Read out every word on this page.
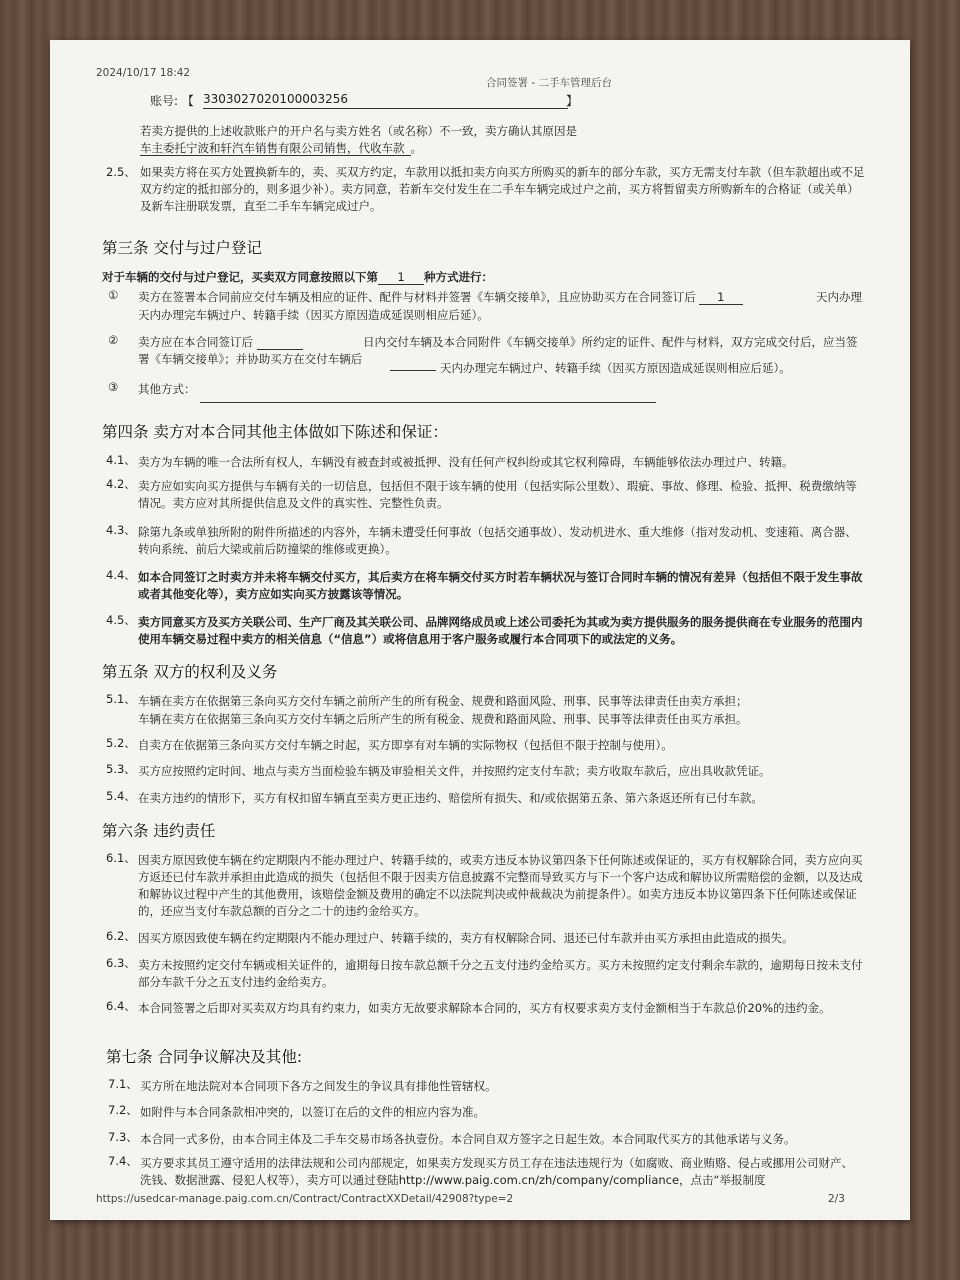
2024/10/17 18:42
合同签署 - 二手车管理后台
账号: 【 3303027020100003256	】
若卖方提供的上述收款账户的开户名与卖方姓名（或名称）不一致，卖方确认其原因是
车主委托宁波和轩汽车销售有限公司销售，代收车款 。
2.5、 如果卖方将在买方处置换新车的，卖、买双方约定，车款用以抵扣卖方向买方所购买的新车的部分车款，买方无需支付车款（但车款超出或不足双方约定的抵扣部分的，则多退少补）。卖方同意，若新车交付发生在二手车车辆完成过户之前，买方将暂留卖方所购新车的合格证（或关单）及新车注册联发票，直至二手车车辆完成过户。
第三条 交付与过户登记
对于车辆的交付与过户登记，买卖双方同意按照以下第 1 种方式进行：
① 卖方在签署本合同前应交付车辆及相应的证件、配件与材料并签署《车辆交接单》，且应协助买方在合同签订后 1	天内办理
天内办理完车辆过户、转籍手续（因买方原因造成延误则相应后延）。
② 卖方应在本合同签订后	日内交付车辆及本合同附件《车辆交接单》所约定的证件、配件与材料，双方完成交付后，应当签署《车辆交接单》；并协助买方在交付车辆后
天内办理完车辆过户、转籍手续（因买方原因造成延误则相应后延）。
③ 其他方式：
第四条 卖方对本合同其他主体做如下陈述和保证：
4.1、 卖方为车辆的唯一合法所有权人，车辆没有被查封或被抵押、没有任何产权纠纷或其它权利障碍，车辆能够依法办理过户、转籍。
4.2、 卖方应如实向买方提供与车辆有关的一切信息，包括但不限于该车辆的使用（包括实际公里数）、瑕疵、事故、修理、检验、抵押、税费缴纳等情况。卖方应对其所提供信息及文件的真实性、完整性负责。
4.3、 除第九条或单独所附的附件所描述的内容外，车辆未遭受任何事故（包括交通事故）、发动机进水、重大维修（指对发动机、变速箱、离合器、转向系统、前后大梁或前后防撞梁的维修或更换）。
4.4、 如本合同签订之时卖方并未将车辆交付买方，其后卖方在将车辆交付买方时若车辆状况与签订合同时车辆的情况有差异（包括但不限于发生事故或者其他变化等），卖方应如实向买方披露该等情况。
4.5、 卖方同意买方及买方关联公司、生产厂商及其关联公司、品牌网络成员或上述公司委托为其或为卖方提供服务的服务提供商在专业服务的范围内使用车辆交易过程中卖方的相关信息（“信息”）或将信息用于客户服务或履行本合同项下的或法定的义务。
第五条 双方的权利及义务
5.1、 车辆在卖方在依据第三条向买方交付车辆之前所产生的所有税金、规费和路面风险、刑事、民事等法律责任由卖方承担；
车辆在卖方在依据第三条向买方交付车辆之后所产生的所有税金、规费和路面风险、刑事、民事等法律责任由买方承担。
5.2、 自卖方在依据第三条向买方交付车辆之时起，买方即享有对车辆的实际物权（包括但不限于控制与使用）。
5.3、 买方应按照约定时间、地点与卖方当面检验车辆及审验相关文件，并按照约定支付车款；卖方收取车款后，应出具收款凭证。
5.4、 在卖方违约的情形下，买方有权扣留车辆直至卖方更正违约、赔偿所有损失、和/或依据第五条、第六条返还所有已付车款。
第六条 违约责任
6.1、 因卖方原因致使车辆在约定期限内不能办理过户、转籍手续的，或卖方违反本协议第四条下任何陈述或保证的，买方有权解除合同，卖方应向买方返还已付车款并承担由此造成的损失（包括但不限于因卖方信息披露不完整而导致买方与下一个客户达成和解协议所需赔偿的金额，以及达成和解协议过程中产生的其他费用，该赔偿金额及费用的确定不以法院判决或仲裁裁决为前提条件）。如卖方违反本协议第四条下任何陈述或保证的，还应当支付车款总额的百分之二十的违约金给买方。
6.2、 因买方原因致使车辆在约定期限内不能办理过户、转籍手续的，卖方有权解除合同、退还已付车款并由买方承担由此造成的损失。
6.3、 卖方未按照约定交付车辆或相关证件的，逾期每日按车款总额千分之五支付违约金给买方。买方未按照约定支付剩余车款的，逾期每日按未支付部分车款千分之五支付违约金给卖方。
6.4、 本合同签署之后即对买卖双方均具有约束力，如卖方无故要求解除本合同的，买方有权要求卖方支付金额相当于车款总价20%的违约金。
第七条 合同争议解决及其他:
7.1、 买方所在地法院对本合同项下各方之间发生的争议具有排他性管辖权。
7.2、 如附件与本合同条款相冲突的，以签订在后的文件的相应内容为准。
7.3、 本合同一式多份，由本合同主体及二手车交易市场各执壹份。本合同自双方签字之日起生效。本合同取代买方的其他承诺与义务。
7.4、 买方要求其员工遵守适用的法律法规和公司内部规定，如果卖方发现买方员工存在违法违规行为（如腐败、商业贿赂、侵占或挪用公司财产、洗钱、数据泄露、侵犯人权等），卖方可以通过登陆http://www.paig.com.cn/zh/company/compliance，点击“举报制度
https://usedcar-manage.paig.com.cn/Contract/ContractXXDetail/42908?type=2	2/3
